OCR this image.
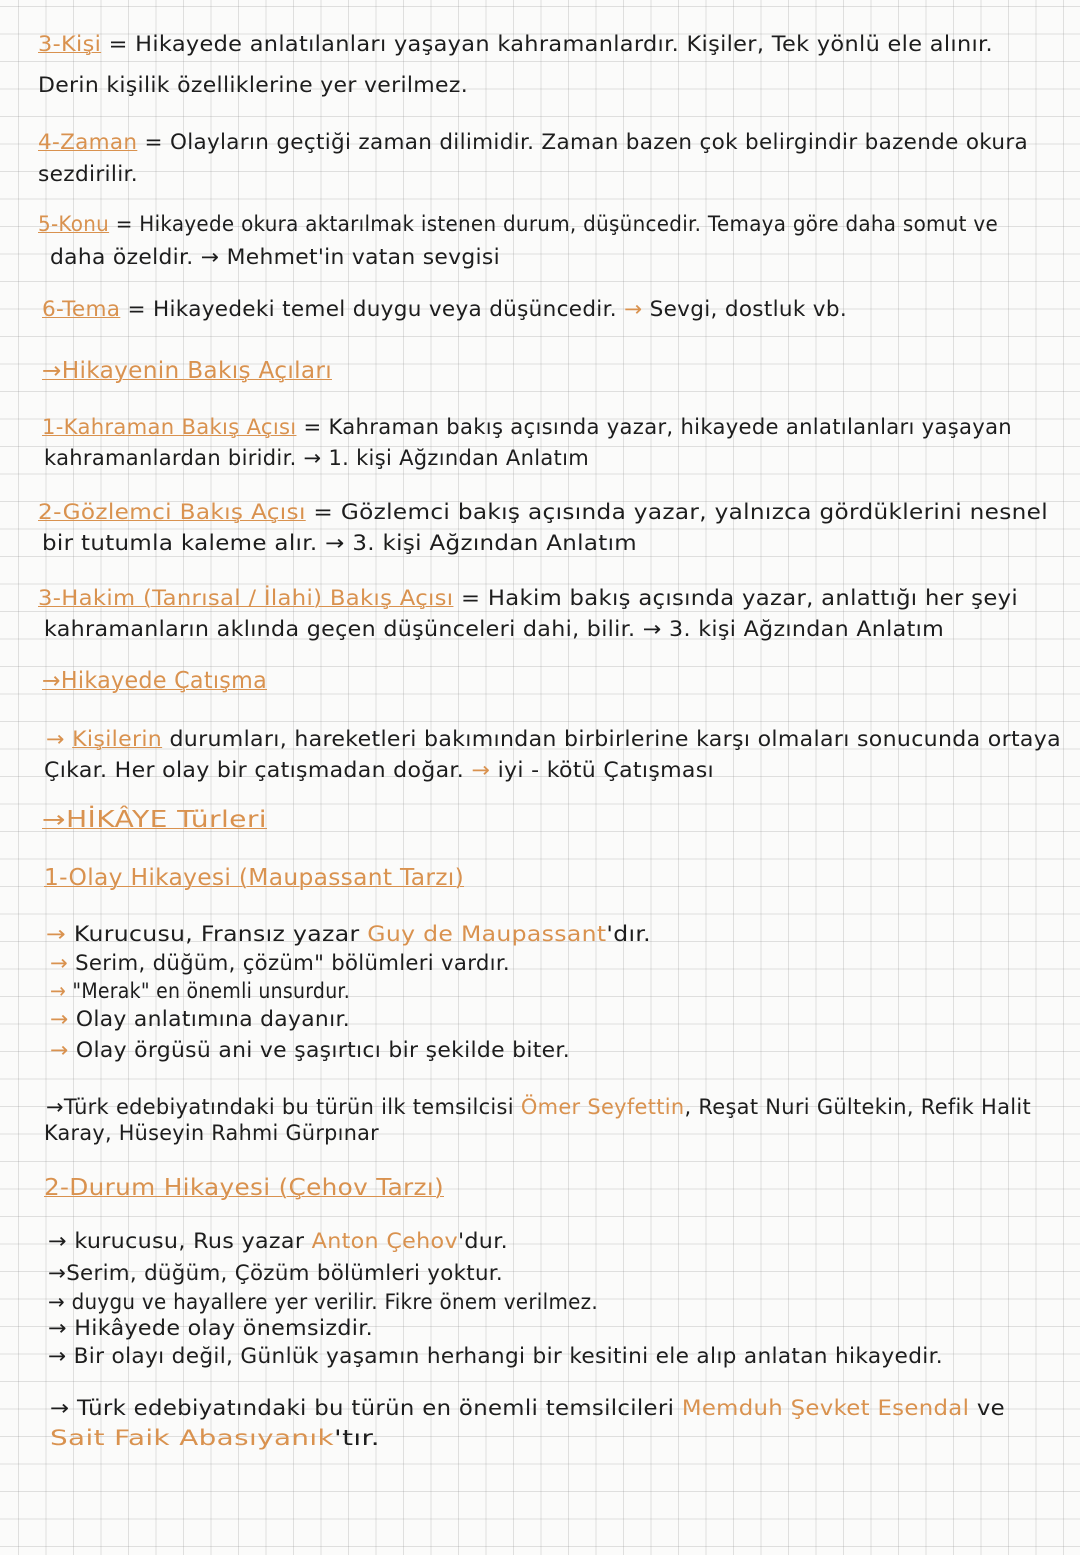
3-Kişi = Hikayede anlatılanları yaşayan kahramanlardır. Kişiler, Tek yönlü ele alınır.
Derin kişilik özelliklerine yer verilmez.
4-Zaman = Olayların geçtiği zaman dilimidir. Zaman bazen çok belirgindir bazende okura
sezdirilir.
5-Konu = Hikayede okura aktarılmak istenen durum, düşüncedir. Temaya göre daha somut ve
daha özeldir. → Mehmet'in vatan sevgisi
6-Tema = Hikayedeki temel duygu veya düşüncedir. → Sevgi, dostluk vb.
→Hikayenin Bakış Açıları
1-Kahraman Bakış Açısı = Kahraman bakış açısında yazar, hikayede anlatılanları yaşayan
kahramanlardan biridir. → 1. kişi Ağzından Anlatım
2-Gözlemci Bakış Açısı = Gözlemci bakış açısında yazar, yalnızca gördüklerini nesnel
bir tutumla kaleme alır. → 3. kişi Ağzından Anlatım
3-Hakim (Tanrısal / İlahi) Bakış Açısı = Hakim bakış açısında yazar, anlattığı her şeyi
kahramanların aklında geçen düşünceleri dahi, bilir. → 3. kişi Ağzından Anlatım
→Hikayede Çatışma
→ Kişilerin durumları, hareketleri bakımından birbirlerine karşı olmaları sonucunda ortaya
Çıkar. Her olay bir çatışmadan doğar. → iyi - kötü Çatışması
→HİKÂYE Türleri
1-Olay Hikayesi (Maupassant Tarzı)
→ Kurucusu, Fransız yazar Guy de Maupassant'dır.
→ Serim, düğüm, çözüm" bölümleri vardır.
→ "Merak" en önemli unsurdur.
→ Olay anlatımına dayanır.
→ Olay örgüsü ani ve şaşırtıcı bir şekilde biter.
→Türk edebiyatındaki bu türün ilk temsilcisi Ömer Seyfettin, Reşat Nuri Gültekin, Refik Halit
Karay, Hüseyin Rahmi Gürpınar
2-Durum Hikayesi (Çehov Tarzı)
→ kurucusu, Rus yazar Anton Çehov'dur.
→Serim, düğüm, Çözüm bölümleri yoktur.
→ duygu ve hayallere yer verilir. Fikre önem verilmez.
→ Hikâyede olay önemsizdir.
→ Bir olayı değil, Günlük yaşamın herhangi bir kesitini ele alıp anlatan hikayedir.
→ Türk edebiyatındaki bu türün en önemli temsilcileri Memduh Şevket Esendal ve
Sait Faik Abasıyanık'tır.
